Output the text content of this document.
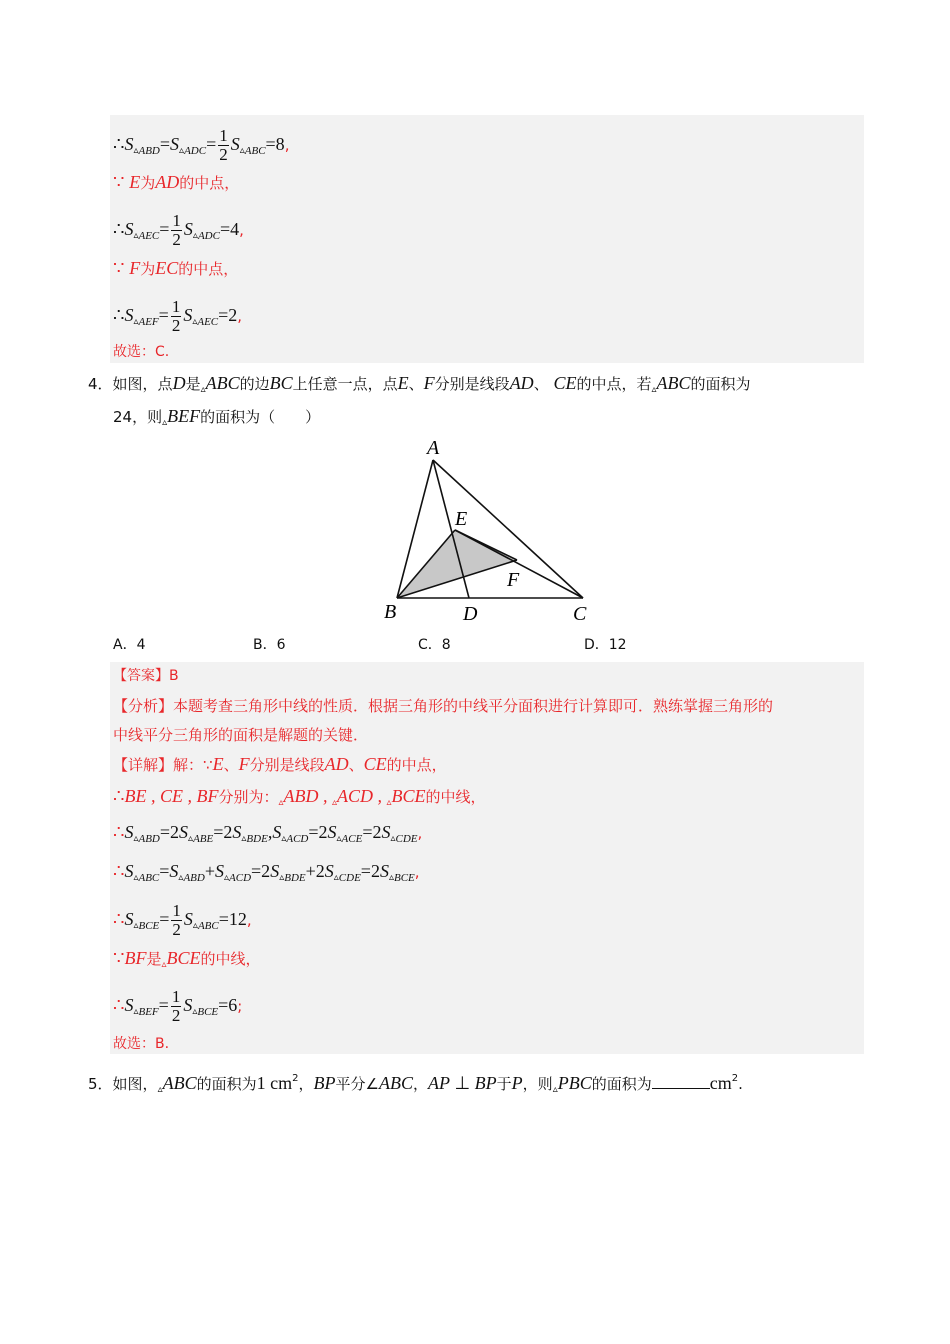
$\therefore S_{▵ABD}=S_{▵ADC}= \frac{1}{2} S_{▵ABC}=8$,
∵ E为AD的中点，
$\therefore S_{▵AEC}= \frac{1}{2} S_{▵ADC}=4$,
∵ F为EC的中点，
$\therefore S_{▵AEF}= \frac{1}{2} S_{▵AEC}=2$,
故选：C.
4．如图，点D是$_▵$ABC的边BC上任意一点，点E、F分别是线段AD、 CE的中点，若$_▵$ABC的面积为
24，则$_▵$BEF的面积为（　　）
A
E
F
B	D	C
A．4	B．6	C．8	D．12
【答案】B
【分析】本题考查三角形中线的性质．根据三角形的中线平分面积进行计算即可．熟练掌握三角形的
中线平分三角形的面积是解题的关键．
【详解】解：∵E、F分别是线段AD、CE的中点，
∴BE , CE , BF分别为：$_▵$ABD , $_▵$ACD , $_▵$BCE的中线，
$\therefore S_{▵ABD}=2S_{▵ABE}=2S_{▵BDE},S_{▵ACD}=2S_{▵ACE}=2S_{▵CDE}$,
$\therefore S_{▵ABC}=S_{▵ABD}+S_{▵ACD}=2S_{▵BDE}+2S_{▵CDE}=2S_{▵BCE}$,
$\therefore S_{▵BCE}= \frac{1}{2} S_{▵ABC}=12$,
∵BF是$_▵$BCE的中线，
$\therefore S_{▵BEF}= \frac{1}{2} S_{▵BCE}=6$;
故选：B.
5．如图，$_▵$ABC的面积为1 $cm^2$，BP平分∠ABC，AP ⊥ BP于P，则$_▵$PBC的面积为	$cm^2$.
